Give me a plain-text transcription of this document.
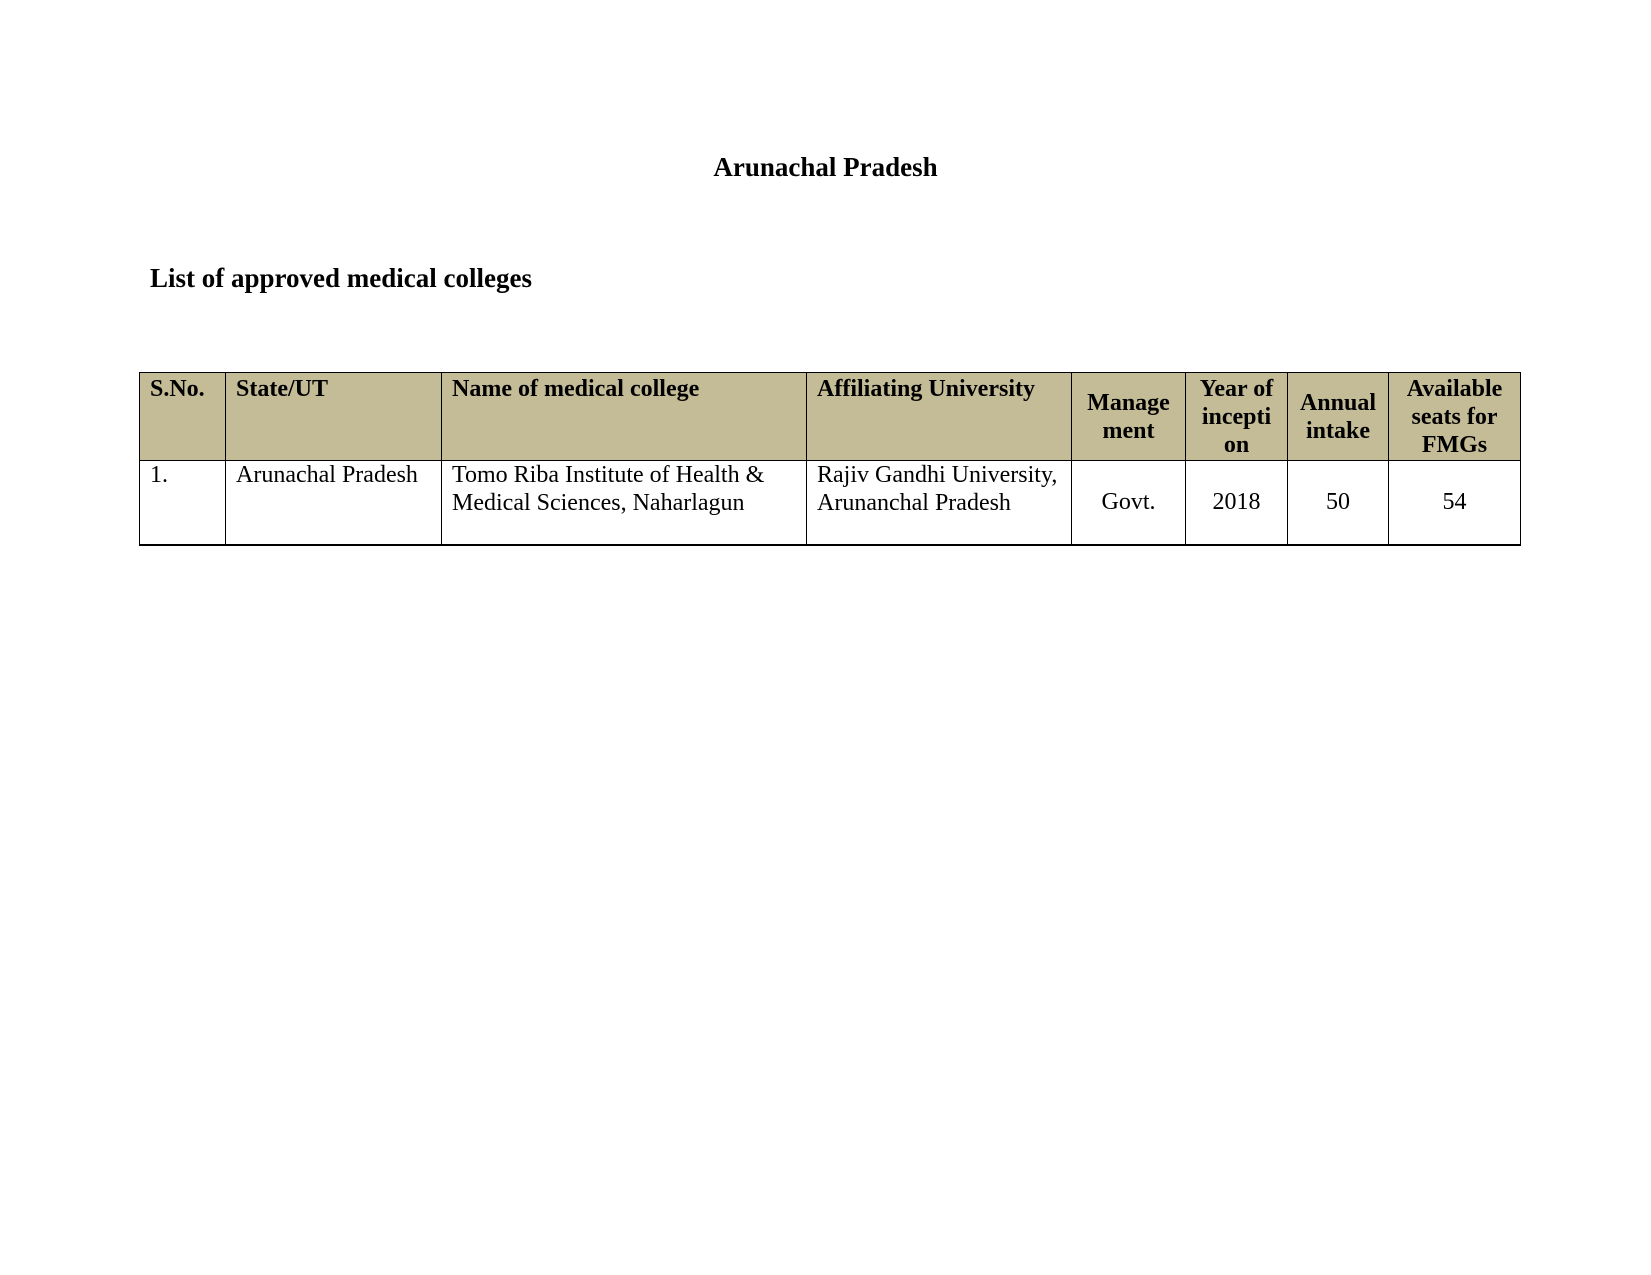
Arunachal Pradesh
List of approved medical colleges
S.No.	State/UT	Name of medical college	Affiliating University	Manage ment	Year of incepti on	Annual intake	Available seats for FMGs
1.	Arunachal Pradesh	Tomo Riba Institute of Health & Medical Sciences, Naharlagun	Rajiv Gandhi University, Arunanchal Pradesh	Govt.	2018	50	54
